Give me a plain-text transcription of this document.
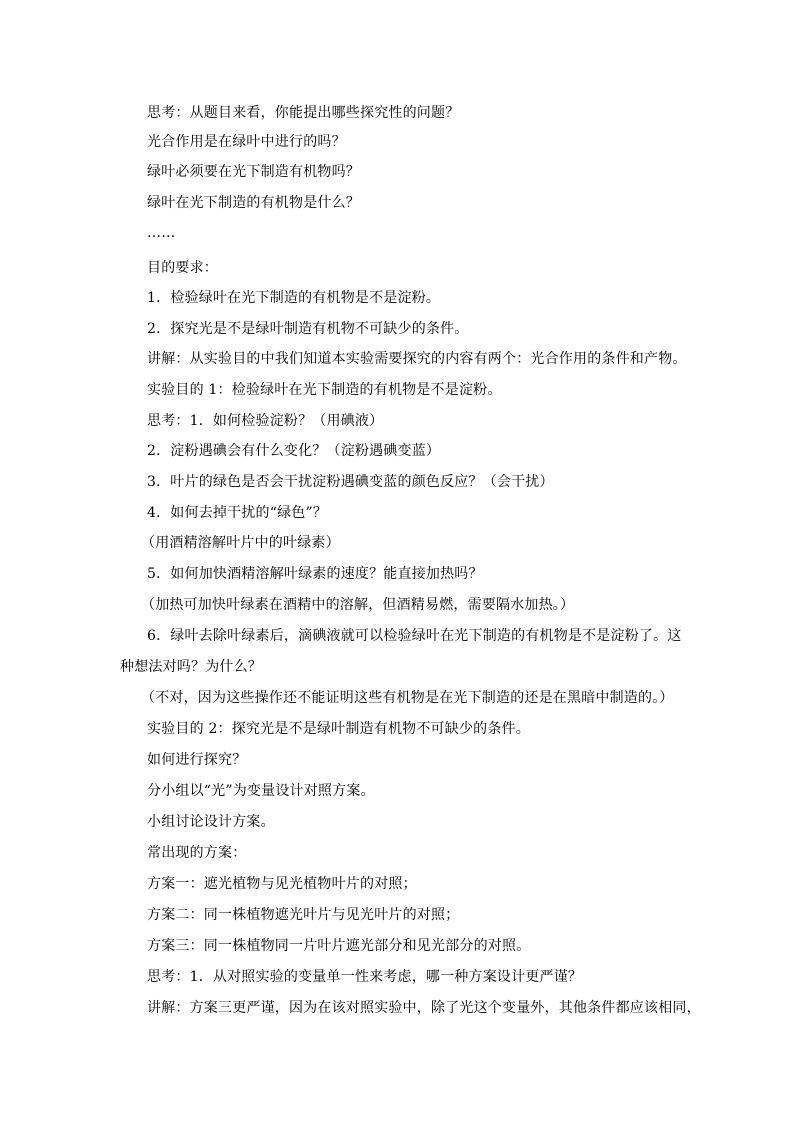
思考：从题目来看，你能提出哪些探究性的问题？
光合作用是在绿叶中进行的吗？
绿叶必须要在光下制造有机物吗？
绿叶在光下制造的有机物是什么？
……
目的要求：
1．检验绿叶在光下制造的有机物是不是淀粉。
2．探究光是不是绿叶制造有机物不可缺少的条件。
讲解：从实验目的中我们知道本实验需要探究的内容有两个：光合作用的条件和产物。
实验目的 1：检验绿叶在光下制造的有机物是不是淀粉。
思考：1．如何检验淀粉？（用碘液）
2．淀粉遇碘会有什么变化？（淀粉遇碘变蓝）
3．叶片的绿色是否会干扰淀粉遇碘变蓝的颜色反应？（会干扰）
4．如何去掉干扰的“绿色”？
（用酒精溶解叶片中的叶绿素）
5．如何加快酒精溶解叶绿素的速度？能直接加热吗？
（加热可加快叶绿素在酒精中的溶解，但酒精易燃，需要隔水加热。）
6．绿叶去除叶绿素后，滴碘液就可以检验绿叶在光下制造的有机物是不是淀粉了。这
种想法对吗？为什么？
（不对，因为这些操作还不能证明这些有机物是在光下制造的还是在黑暗中制造的。）
实验目的 2：探究光是不是绿叶制造有机物不可缺少的条件。
如何进行探究？
分小组以“光”为变量设计对照方案。
小组讨论设计方案。
常出现的方案：
方案一：遮光植物与见光植物叶片的对照；
方案二：同一株植物遮光叶片与见光叶片的对照；
方案三：同一株植物同一片叶片遮光部分和见光部分的对照。
思考：1．从对照实验的变量单一性来考虑，哪一种方案设计更严谨？
讲解：方案三更严谨，因为在该对照实验中，除了光这个变量外，其他条件都应该相同，
